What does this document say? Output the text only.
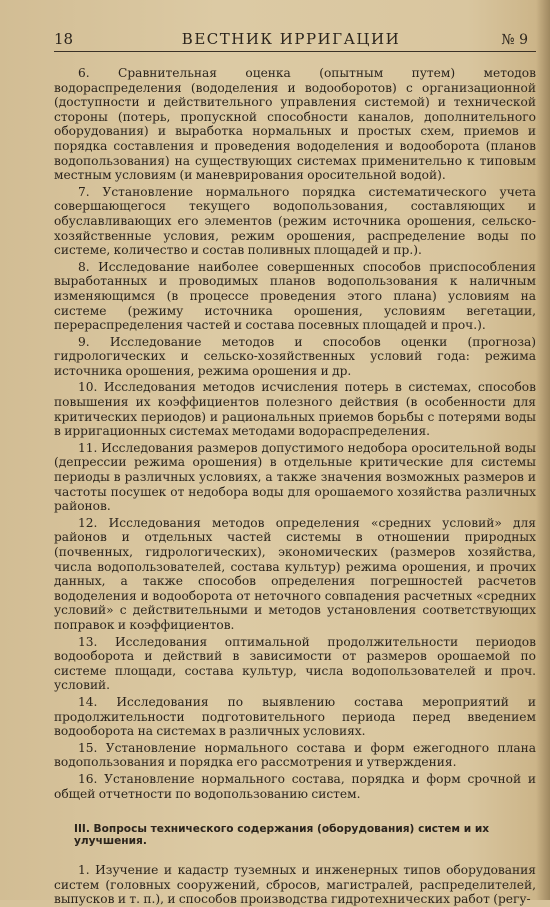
18	ВЕСТНИК ИРРИГАЦИИ	№ 9

6. Сравнительная оценка (опытным путем) методов водораспределения (вододеления и водооборотов) с организационной (доступности и действительного управления системой) и технической стороны (потерь, пропускной способности каналов, дополнительного оборудования) и выработка нормальных и простых схем, приемов и порядка составления и проведения вододеления и водооборота (планов водопользования) на существующих системах применительно к типовым местным условиям (и маневрирования оросительной водой).

7. Установление нормального порядка систематического учета совершающегося текущего водопользования, составляющих и обуславливающих его элементов (режим источника орошения, сельско-хозяйственные условия, режим орошения, распределение воды по системе, количество и состав поливных площадей и пр.).

8. Исследование наиболее совершенных способов приспособления выработанных и проводимых планов водопользования к наличным изменяющимся (в процессе проведения этого плана) условиям на системе (режиму источника орошения, условиям вегетации, перераспределения частей и состава посевных площадей и проч.).

9. Исследование методов и способов оценки (прогноза) гидрологических и сельско-хозяйственных условий года: режима источника орошения, режима орошения и др.

10. Исследования методов исчисления потерь в системах, способов повышения их коэффициентов полезного действия (в особенности для критических периодов) и рациональных приемов борьбы с потерями воды в ирригационных системах методами водораспределения.

11. Исследования размеров допустимого недобора оросительной воды (депрессии режима орошения) в отдельные критические для системы периоды в различных условиях, а также значения возможных размеров и частоты посушек от недобора воды для орошаемого хозяйства различных районов.

12. Исследования методов определения «средних условий» для районов и отдельных частей системы в отношении природных (почвенных, гидрологических), экономических (размеров хозяйства, числа водопользователей, состава культур) режима орошения, и прочих данных, а также способов определения погрешностей расчетов вододеления и водооборота от неточного совпадения расчетных «средних условий» с действительными и методов установления соответствующих поправок и коэффициентов.

13. Исследования оптимальной продолжительности периодов водооборота и действий в зависимости от размеров орошаемой по системе площади, состава культур, числа водопользователей и проч. условий.

14. Исследования по выявлению состава мероприятий и продолжительности подготовительного периода перед введением водооборота на системах в различных условиях.

15. Установление нормального состава и форм ежегодного плана водопользования и порядка его рассмотрения и утверждения.

16. Установление нормального состава, порядка и форм срочной и общей отчетности по водопользованию систем.

III. Вопросы технического содержания (оборудования) систем и их улучшения.

1. Изучение и кадастр туземных и инженерных типов оборудования систем (головных сооружений, сбросов, магистралей, распределителей, выпусков и т. п.), и способов производства гидротехнических работ (регу-
